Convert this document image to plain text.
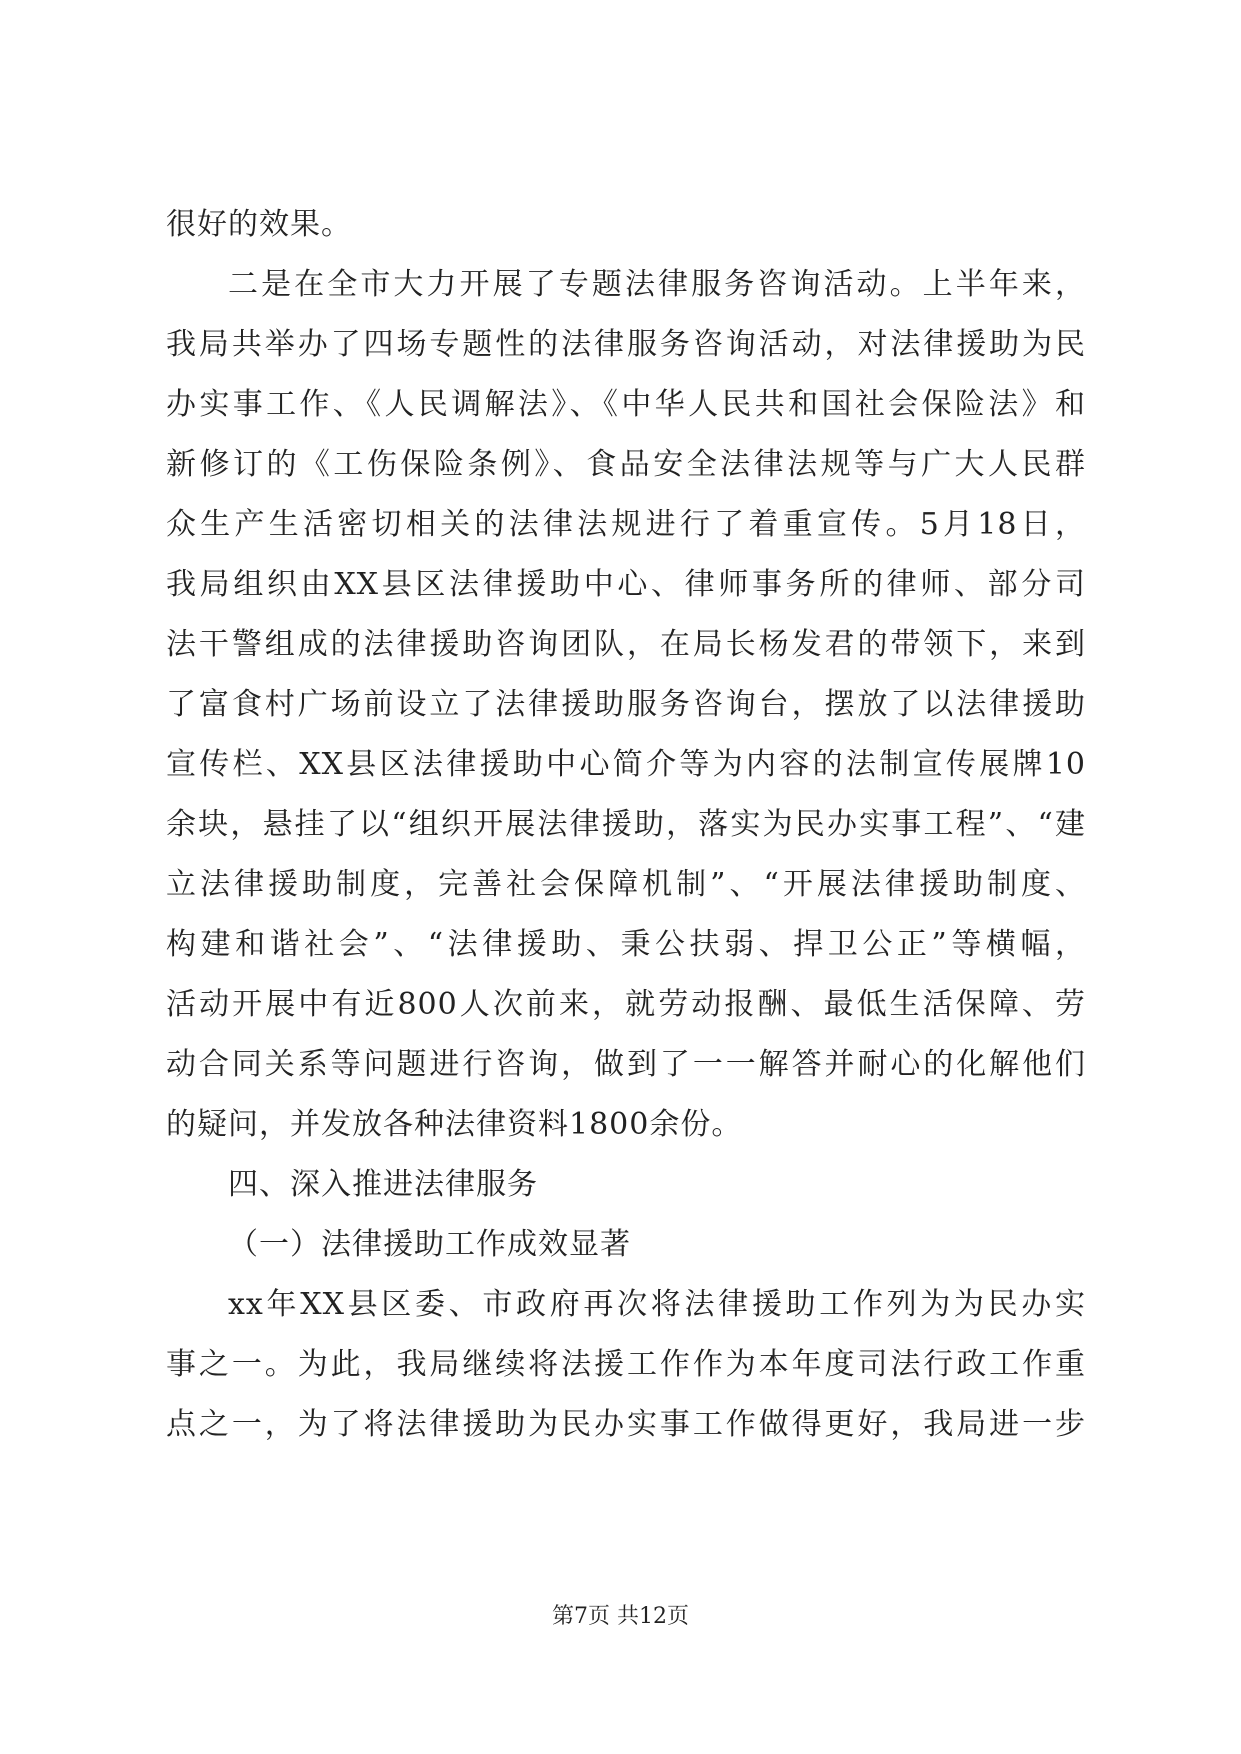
很好的效果。
二是在全市大力开展了专题法律服务咨询活动。上半年来，
我局共举办了四场专题性的法律服务咨询活动，对法律援助为民
办实事工作、《人民调解法》、《中华人民共和国社会保险法》和
新修订的《工伤保险条例》、食品安全法律法规等与广大人民群
众生产生活密切相关的法律法规进行了着重宣传。5月18日，
我局组织由XX县区法律援助中心、律师事务所的律师、部分司
法干警组成的法律援助咨询团队，在局长杨发君的带领下，来到
了富食村广场前设立了法律援助服务咨询台，摆放了以法律援助
宣传栏、XX县区法律援助中心简介等为内容的法制宣传展牌10
余块，悬挂了以“组织开展法律援助，落实为民办实事工程”、“建
立法律援助制度，完善社会保障机制”、“开展法律援助制度、
构建和谐社会”、“法律援助、秉公扶弱、捍卫公正”等横幅，
活动开展中有近800人次前来，就劳动报酬、最低生活保障、劳
动合同关系等问题进行咨询，做到了一一解答并耐心的化解他们
的疑问，并发放各种法律资料1800余份。
四、深入推进法律服务
（一）法律援助工作成效显著
xx年XX县区委、市政府再次将法律援助工作列为为民办实
事之一。为此，我局继续将法援工作作为本年度司法行政工作重
点之一，为了将法律援助为民办实事工作做得更好，我局进一步
第7页 共12页
